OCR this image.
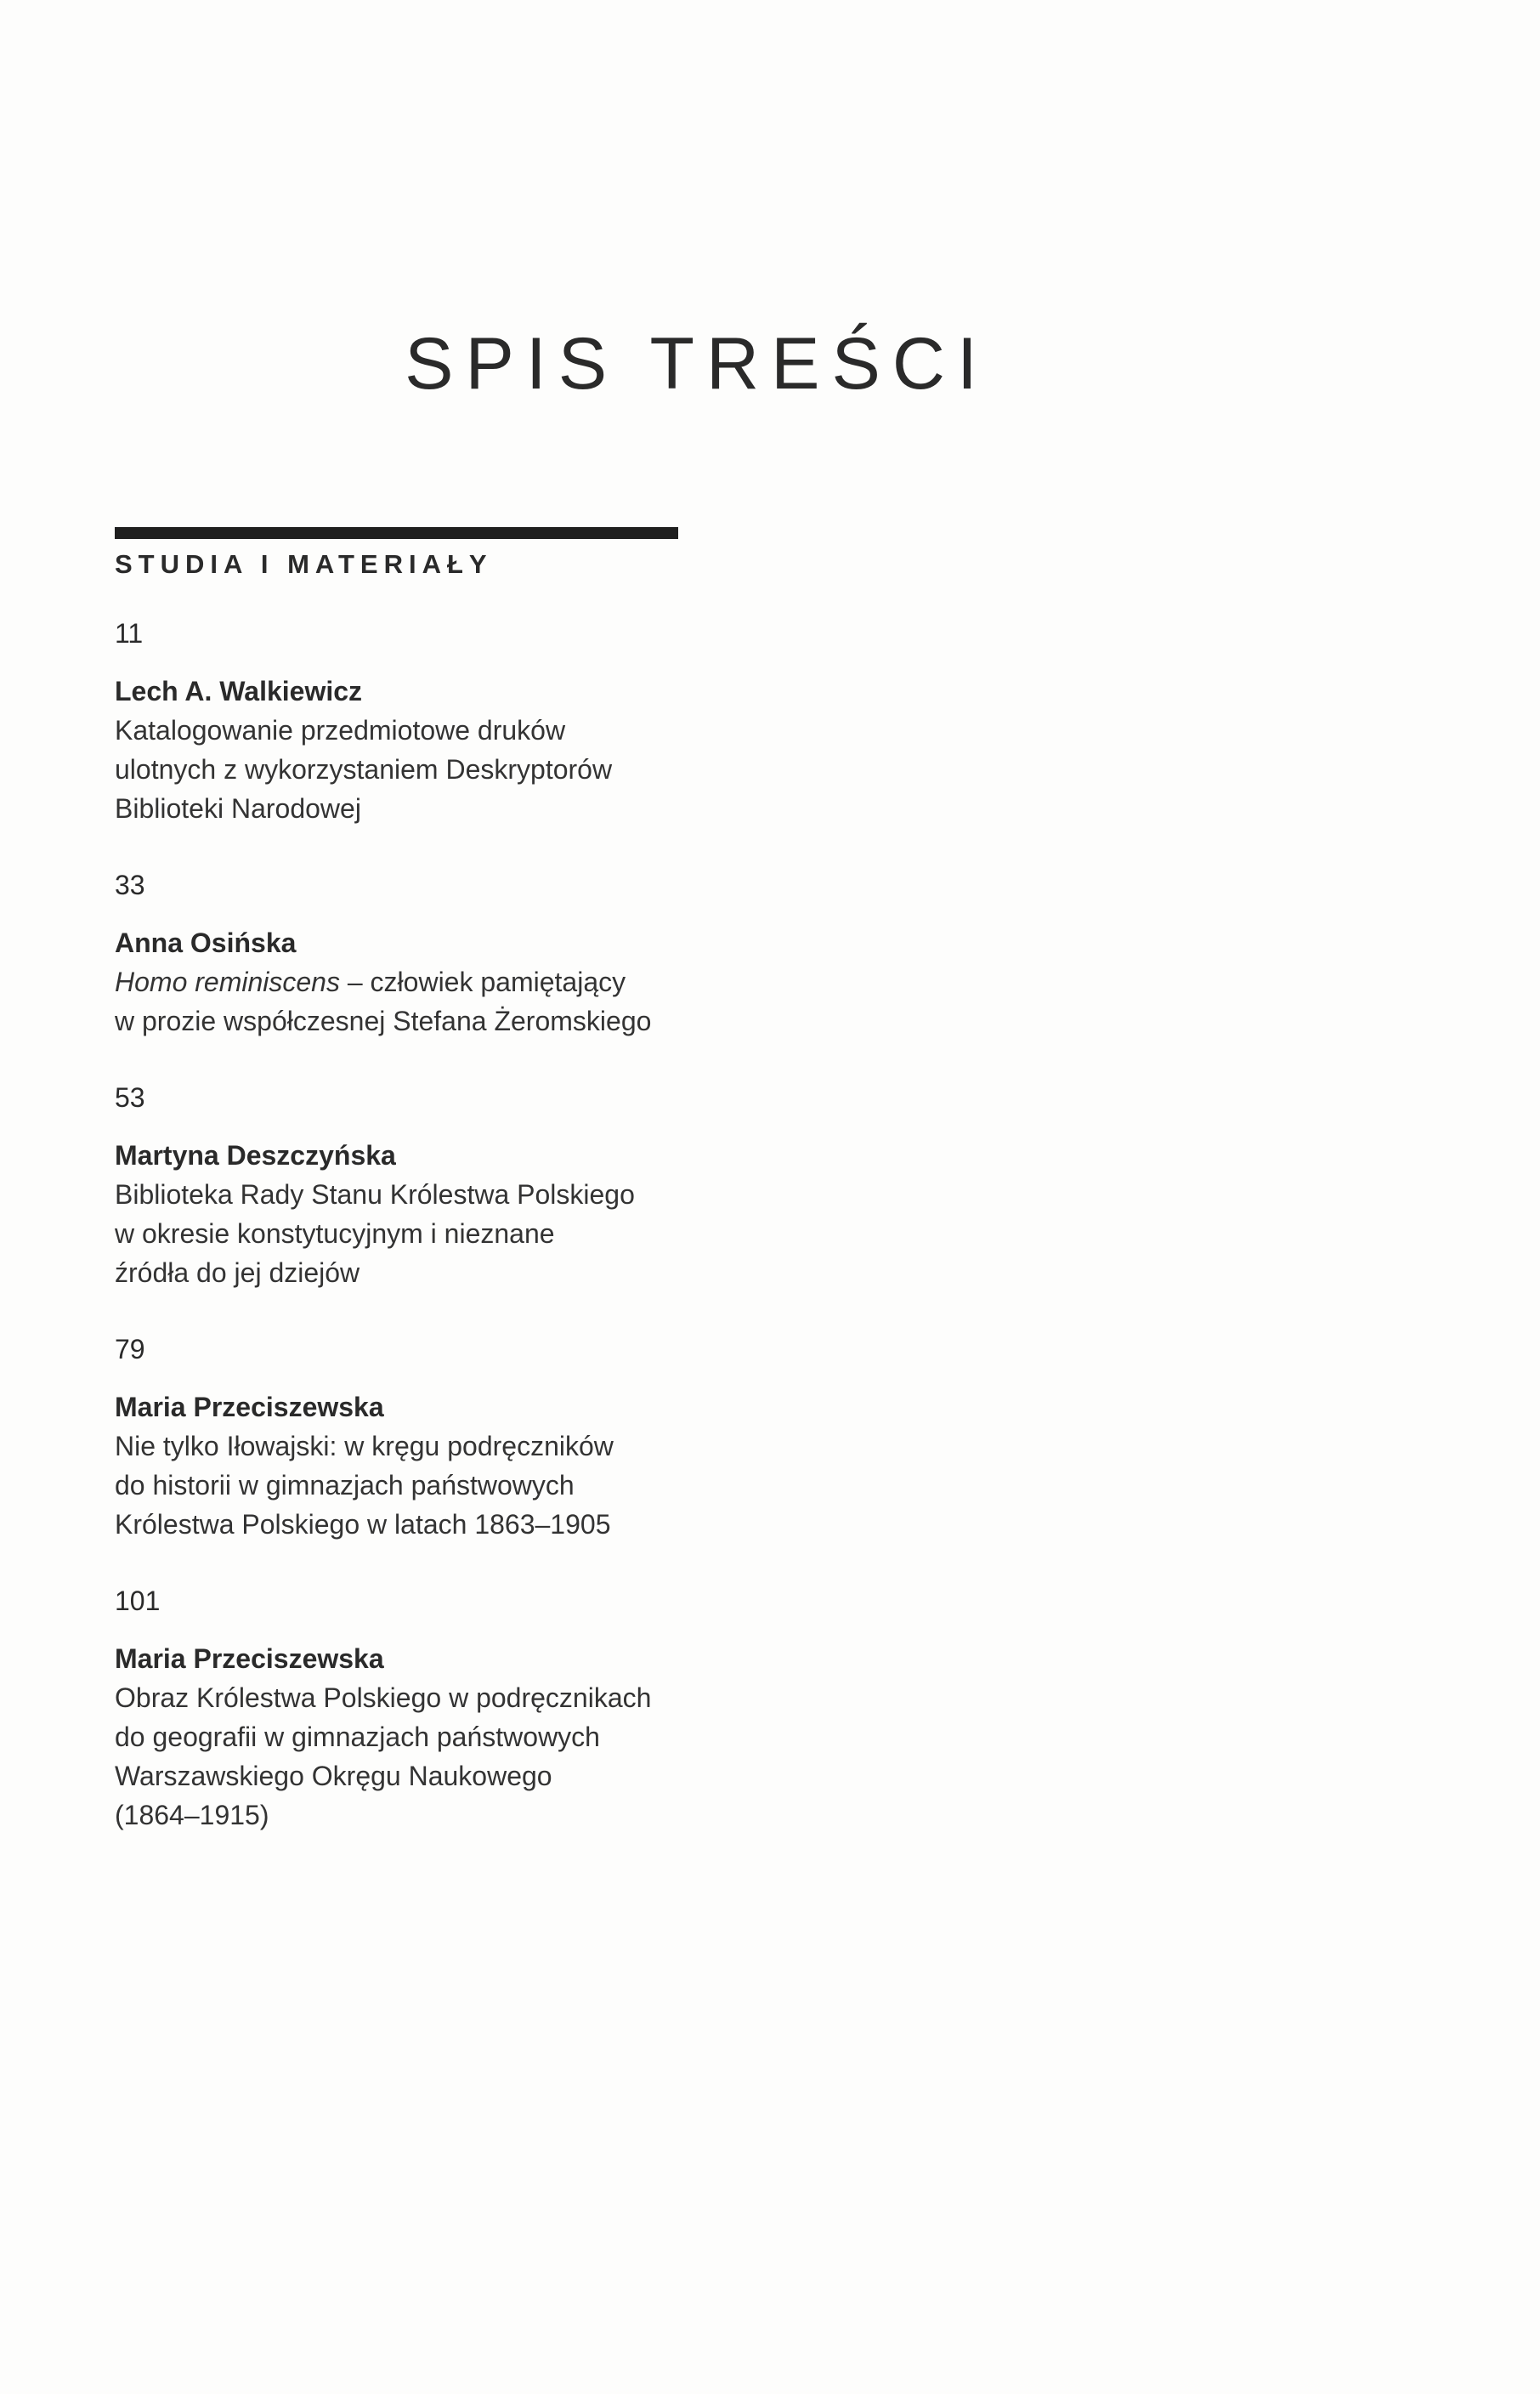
SPIS TREŚCI
STUDIA I MATERIAŁY
11
Lech A. Walkiewicz
Katalogowanie przedmiotowe druków
ulotnych z wykorzystaniem Deskryptorów
Biblioteki Narodowej
33
Anna Osińska
Homo reminiscens – człowiek pamiętający
w prozie współczesnej Stefana Żeromskiego
53
Martyna Deszczyńska
Biblioteka Rady Stanu Królestwa Polskiego
w okresie konstytucyjnym i nieznane
źródła do jej dziejów
79
Maria Przeciszewska
Nie tylko Iłowajski: w kręgu podręczników
do historii w gimnazjach państwowych
Królestwa Polskiego w latach 1863–1905
101
Maria Przeciszewska
Obraz Królestwa Polskiego w podręcznikach
do geografii w gimnazjach państwowych
Warszawskiego Okręgu Naukowego
(1864–1915)
